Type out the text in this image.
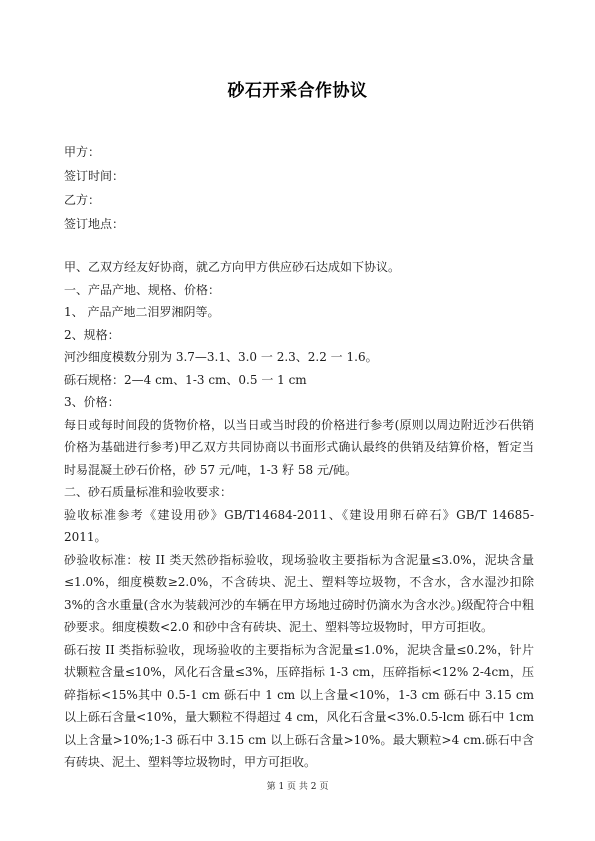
砂石开采合作协议

甲方：

签订时间：

乙方：

签订地点：

甲、乙双方经友好协商，就乙方向甲方供应砂石达成如下协议。

一、产品产地、规格、价格：

1、 产品产地二泪罗湘阴等。

2、规格：

河沙细度模数分别为 3.7—3.1、3.0 一 2.3、2.2 一 1.6。

砾石规格：2—4 cm、1-3 cm、0.5 一 1 cm

3、价格：

每日或每时间段的货物价格，以当日或当时段的价格进行参考(原则以周边附近沙石供销价格为基础进行参考)甲乙双方共同协商以书面形式确认最终的供销及结算价格，暂定当时易混凝土砂石价格，砂 57 元/吨，1-3 籽 58 元/砘。

二、砂石质量标准和验收要求：

验收标准参考《建设用砂》GB/T14684-2011、《建设用卵石碎石》GB/T 14685-2011。

砂验收标准：桉 II 类天然砂指标验收，现场验收主要指标为含泥量≤3.0%，泥块含量≤1.0%，细度模数≥2.0%，不含砖块、泥土、塑料等垃圾物，不含水，含水湿沙扣除 3%的含水重量(含水为装载河沙的车辆在甲方场地过磅时仍滴水为含水沙。)级配符合中粗砂要求。细度模数<2.0 和砂中含有砖块、泥土、塑料等垃圾物时，甲方可拒收。

砾石按 II 类指标验收，现场验收的主要指标为含泥量≤1.0%，泥块含量≤0.2%，针片状颗粒含量≤10%，风化石含量≤3%，压碎指标 1-3 cm，压碎指标<12% 2-4cm，压碎指标<15%其中 0.5-1 cm 砾石中 1 cm 以上含量<10%，1-3 cm 砾石中 3.15 cm 以上砾石含量<10%，量大颗粒不得超过 4 cm，风化石含量<3%.0.5-lcm 砾石中 1cm 以上含量>10%;1-3 砾石中 3.15 cm 以上砾石含量>10%。最大颗粒>4 cm.砾石中含有砖块、泥土、塑料等垃圾物时，甲方可拒收。

第 1 页 共 2 页
